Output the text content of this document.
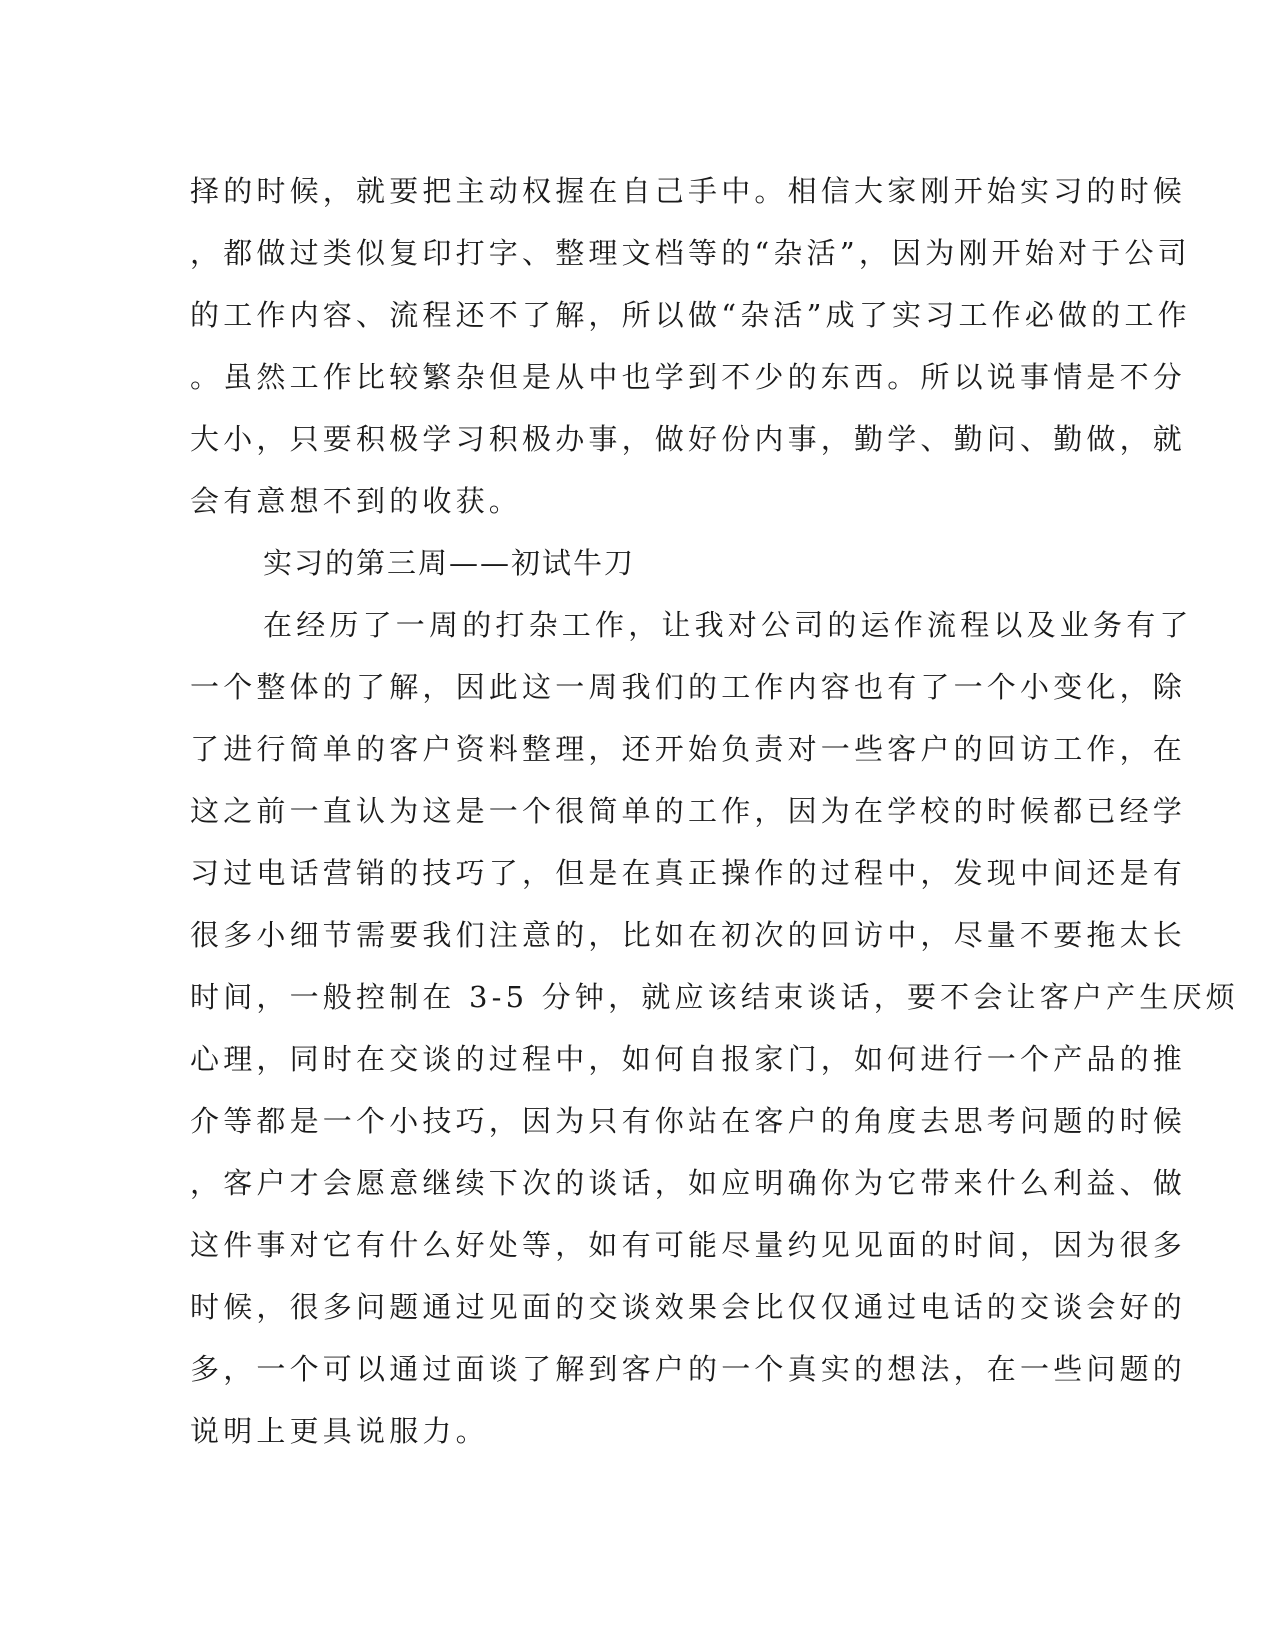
择的时候，就要把主动权握在自己手中。相信大家刚开始实习的时候
，都做过类似复印打字、整理文档等的“杂活”，因为刚开始对于公司
的工作内容、流程还不了解，所以做“杂活”成了实习工作必做的工作
。虽然工作比较繁杂但是从中也学到不少的东西。所以说事情是不分
大小，只要积极学习积极办事，做好份内事，勤学、勤问、勤做，就
会有意想不到的收获。
实习的第三周——初试牛刀
在经历了一周的打杂工作，让我对公司的运作流程以及业务有了
一个整体的了解，因此这一周我们的工作内容也有了一个小变化，除
了进行简单的客户资料整理，还开始负责对一些客户的回访工作，在
这之前一直认为这是一个很简单的工作，因为在学校的时候都已经学
习过电话营销的技巧了，但是在真正操作的过程中，发现中间还是有
很多小细节需要我们注意的，比如在初次的回访中，尽量不要拖太长
时间，一般控制在 3-5 分钟，就应该结束谈话，要不会让客户产生厌烦
心理，同时在交谈的过程中，如何自报家门，如何进行一个产品的推
介等都是一个小技巧，因为只有你站在客户的角度去思考问题的时候
，客户才会愿意继续下次的谈话，如应明确你为它带来什么利益、做
这件事对它有什么好处等，如有可能尽量约见见面的时间，因为很多
时候，很多问题通过见面的交谈效果会比仅仅通过电话的交谈会好的
多，一个可以通过面谈了解到客户的一个真实的想法，在一些问题的
说明上更具说服力。
